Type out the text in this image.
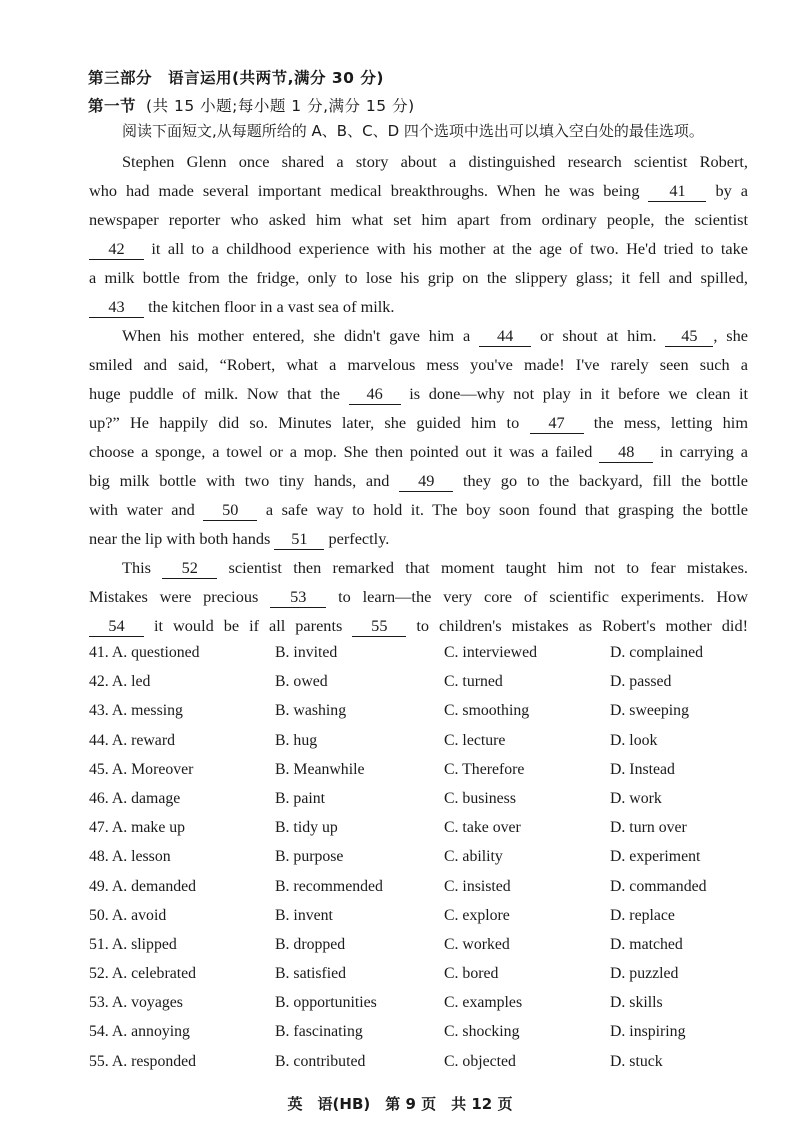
第三部分　语言运用(共两节,满分 30 分)
第一节 (共 15 小题;每小题 1 分,满分 15 分)
阅读下面短文,从每题所给的 A、B、C、D 四个选项中选出可以填入空白处的最佳选项。
Stephen Glenn once shared a story about a distinguished research scientist Robert,
who had made several important medical breakthroughs. When he was being 41 by a
newspaper reporter who asked him what set him apart from ordinary people, the scientist
42 it all to a childhood experience with his mother at the age of two. He'd tried to take
a milk bottle from the fridge, only to lose his grip on the slippery glass; it fell and spilled,
43 the kitchen floor in a vast sea of milk.
When his mother entered, she didn't gave him a 44 or shout at him. 45 , she
smiled and said, “Robert, what a marvelous mess you've made! I've rarely seen such a
huge puddle of milk. Now that the 46 is done—why not play in it before we clean it
up?” He happily did so. Minutes later, she guided him to 47 the mess, letting him
choose a sponge, a towel or a mop. She then pointed out it was a failed 48 in carrying a
big milk bottle with two tiny hands, and 49 they go to the backyard, fill the bottle
with water and 50 a safe way to hold it. The boy soon found that grasping the bottle
near the lip with both hands 51 perfectly.
This 52 scientist then remarked that moment taught him not to fear mistakes.
Mistakes were precious 53 to learn—the very core of scientific experiments. How
54 it would be if all parents 55 to children's mistakes as Robert's mother did!
41. A. questioned	B. invited	C. interviewed	D. complained
42. A. led	B. owed	C. turned	D. passed
43. A. messing	B. washing	C. smoothing	D. sweeping
44. A. reward	B. hug	C. lecture	D. look
45. A. Moreover	B. Meanwhile	C. Therefore	D. Instead
46. A. damage	B. paint	C. business	D. work
47. A. make up	B. tidy up	C. take over	D. turn over
48. A. lesson	B. purpose	C. ability	D. experiment
49. A. demanded	B. recommended	C. insisted	D. commanded
50. A. avoid	B. invent	C. explore	D. replace
51. A. slipped	B. dropped	C. worked	D. matched
52. A. celebrated	B. satisfied	C. bored	D. puzzled
53. A. voyages	B. opportunities	C. examples	D. skills
54. A. annoying	B. fascinating	C. shocking	D. inspiring
55. A. responded	B. contributed	C. objected	D. stuck
英　语(HB)　第 9 页　共 12 页
